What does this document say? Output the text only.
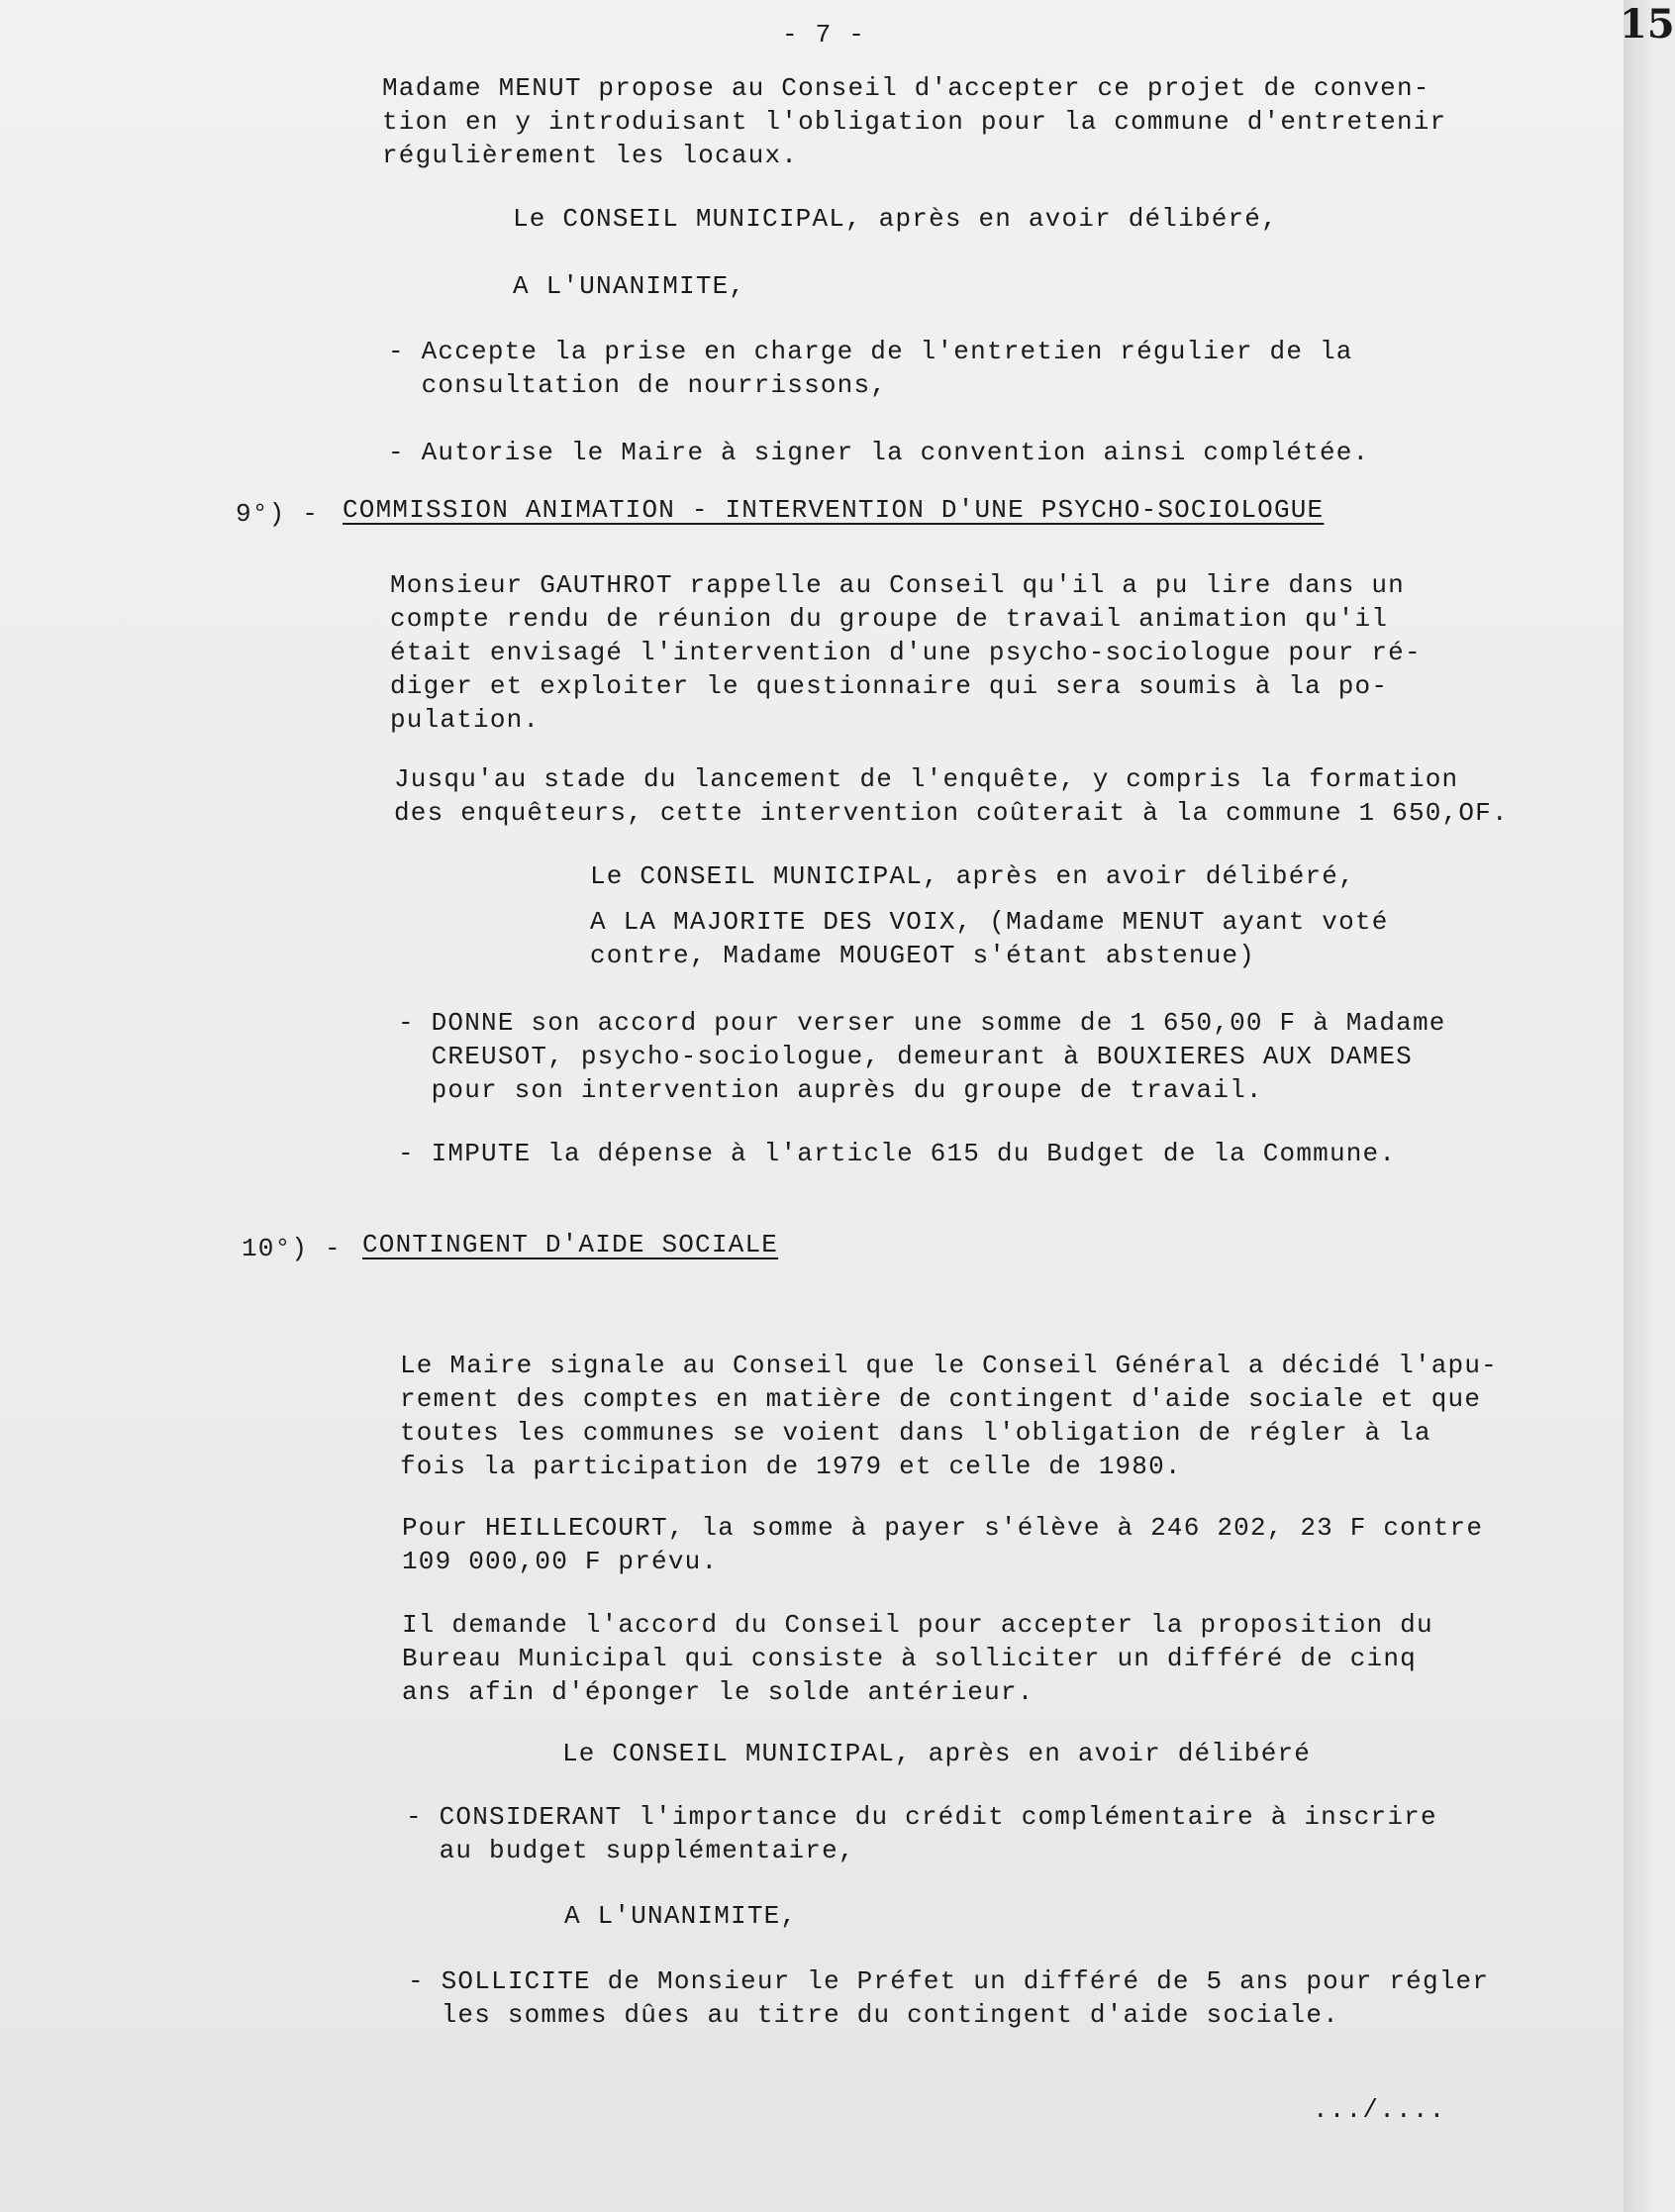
- 7 -	15

Madame MENUT propose au Conseil d'accepter ce projet de conven-

tion en y introduisant l'obligation pour la commune d'entretenir

régulièrement les locaux.

Le CONSEIL MUNICIPAL, après en avoir délibéré,

A L'UNANIMITE,

- Accepte la prise en charge de l'entretien régulier de la

consultation de nourrissons,

- Autorise le Maire à signer la convention ainsi complétée.

9°) - COMMISSION ANIMATION - INTERVENTION D'UNE PSYCHO-SOCIOLOGUE

Monsieur GAUTHROT rappelle au Conseil qu'il a pu lire dans un

compte rendu de réunion du groupe de travail animation qu'il

était envisagé l'intervention d'une psycho-sociologue pour ré-

diger et exploiter le questionnaire qui sera soumis à la po-

pulation.

Jusqu'au stade du lancement de l'enquête, y compris la formation

des enquêteurs, cette intervention coûterait à la commune 1 650,OF.

Le CONSEIL MUNICIPAL, après en avoir délibéré,

A LA MAJORITE DES VOIX, (Madame MENUT ayant voté

contre, Madame MOUGEOT s'étant abstenue)

- DONNE son accord pour verser une somme de 1 650,00 F à Madame

CREUSOT, psycho-sociologue, demeurant à BOUXIERES AUX DAMES

pour son intervention auprès du groupe de travail.

- IMPUTE la dépense à l'article 615 du Budget de la Commune.

10°) - CONTINGENT D'AIDE SOCIALE

Le Maire signale au Conseil que le Conseil Général a décidé l'apu-

rement des comptes en matière de contingent d'aide sociale et que

toutes les communes se voient dans l'obligation de régler à la

fois la participation de 1979 et celle de 1980.

Pour HEILLECOURT, la somme à payer s'élève à 246 202, 23 F contre

109 000,00 F prévu.

Il demande l'accord du Conseil pour accepter la proposition du

Bureau Municipal qui consiste à solliciter un différé de cinq

ans afin d'éponger le solde antérieur.

Le CONSEIL MUNICIPAL, après en avoir délibéré

- CONSIDERANT l'importance du crédit complémentaire à inscrire

au budget supplémentaire,

A L'UNANIMITE,

- SOLLICITE de Monsieur le Préfet un différé de 5 ans pour régler

les sommes dûes au titre du contingent d'aide sociale.

.../....
